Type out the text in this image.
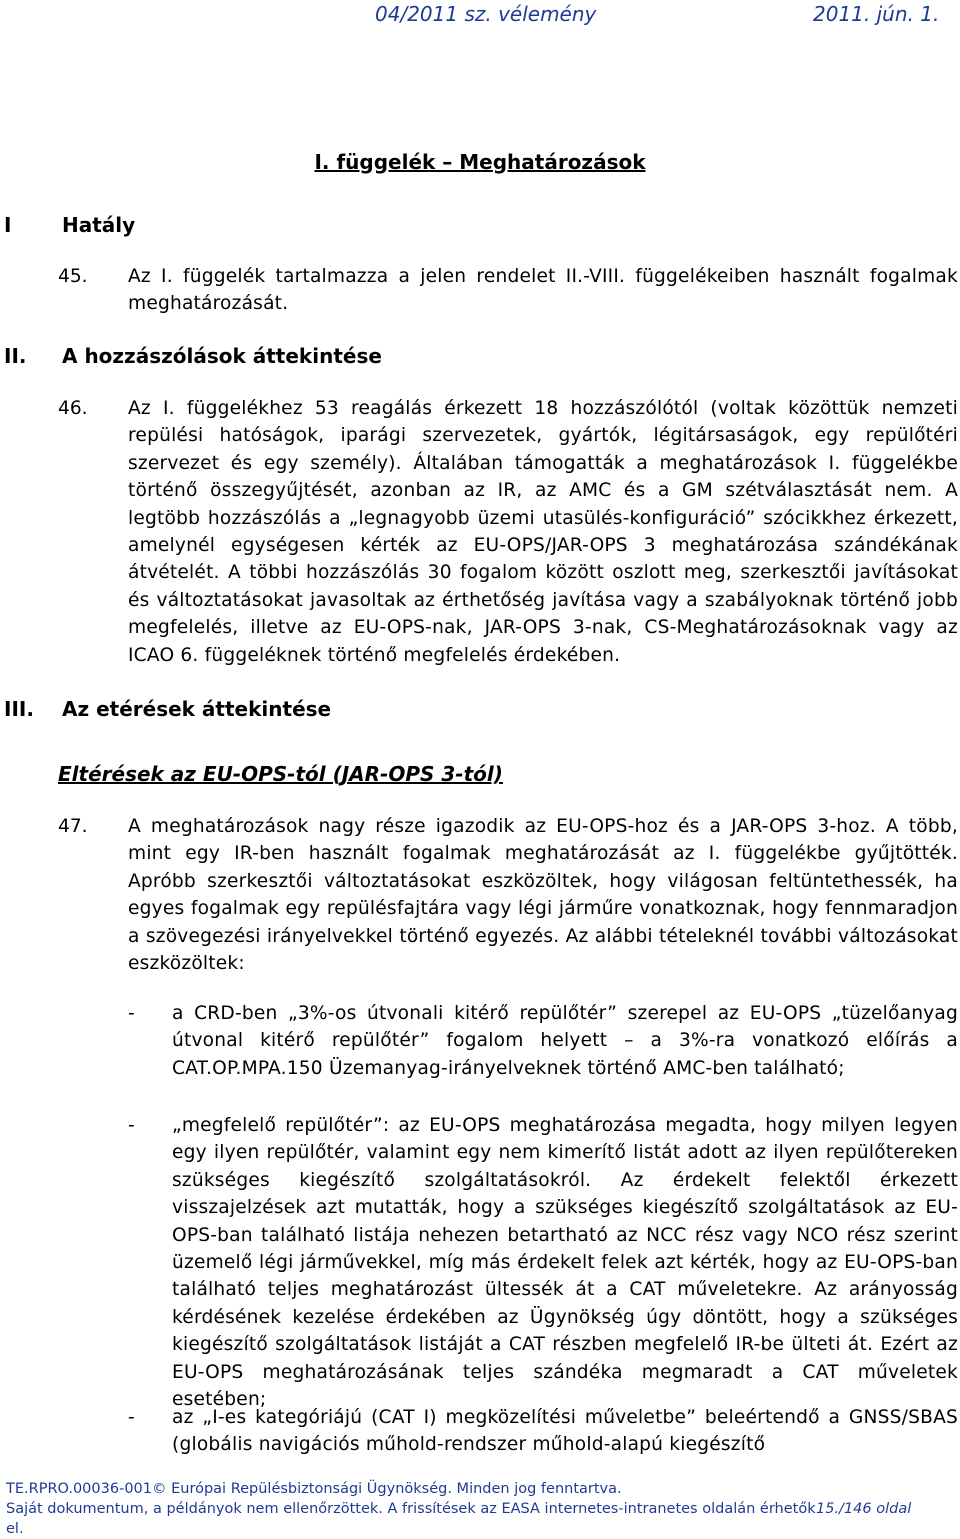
04/2011 sz. vélemény

	2011. jún. 1.

I. függelék – Meghatározások
I	Hatály
45. Az I. függelék tartalmazza a jelen rendelet II.-VIII. függelékeiben használt fogalmak meghatározását.
II. A hozzászólások áttekintése
46. Az I. függelékhez 53 reagálás érkezett 18 hozzászólótól (voltak közöttük nemzeti repülési hatóságok, iparági szervezetek, gyártók, légitársaságok, egy repülőtéri szervezet és egy személy). Általában támogatták a meghatározások I. függelékbe történő összegyűjtését, azonban az IR, az AMC és a GM szétválasztását nem. A legtöbb hozzászólás a „legnagyobb üzemi utasülés-konfiguráció” szócikkhez érkezett, amelynél egységesen kérték az EU-OPS/JAR-OPS 3 meghatározása szándékának átvételét. A többi hozzászólás 30 fogalom között oszlott meg, szerkesztői javításokat és változtatásokat javasoltak az érthetőség javítása vagy a szabályoknak történő jobb megfelelés, illetve az EU-OPS-nak, JAR-OPS 3-nak, CS-Meghatározásoknak vagy az ICAO 6. függeléknek történő megfelelés érdekében.
III. Az etérések áttekintése
Eltérések az EU-OPS-tól (JAR-OPS 3-tól)
47. A meghatározások nagy része igazodik az EU-OPS-hoz és a JAR-OPS 3-hoz. A több, mint egy IR-ben használt fogalmak meghatározását az I. függelékbe gyűjtötték. Apróbb szerkesztői változtatásokat eszközöltek, hogy világosan feltüntethessék, ha egyes fogalmak egy repülésfajtára vagy légi járműre vonatkoznak, hogy fennmaradjon a szövegezési irányelvekkel történő egyezés. Az alábbi tételeknél további változásokat eszközöltek:
- a CRD-ben „3%-os útvonali kitérő repülőtér” szerepel az EU-OPS „tüzelőanyag útvonal kitérő repülőtér” fogalom helyett – a 3%-ra vonatkozó előírás a CAT.OP.MPA.150 Üzemanyag-irányelveknek történő AMC-ben található;
- „megfelelő repülőtér”: az EU-OPS meghatározása megadta, hogy milyen legyen egy ilyen repülőtér, valamint egy nem kimerítő listát adott az ilyen repülőtereken szükséges kiegészítő szolgáltatásokról. Az érdekelt felektől érkezett visszajelzések azt mutatták, hogy a szükséges kiegészítő szolgáltatások az EU-OPS-ban található listája nehezen betartható az NCC rész vagy NCO rész szerint üzemelő légi járművekkel, míg más érdekelt felek azt kérték, hogy az EU-OPS-ban található teljes meghatározást ültessék át a CAT műveletekre. Az arányosság kérdésének kezelése érdekében az Ügynökség úgy döntött, hogy a szükséges kiegészítő szolgáltatások listáját a CAT részben megfelelő IR-be ülteti át. Ezért az EU-OPS meghatározásának teljes szándéka megmaradt a CAT műveletek esetében;
- az „I-es kategóriájú (CAT I) megközelítési műveletbe” beleértendő a GNSS/SBAS (globális navigációs műhold-rendszer műhold-alapú kiegészítő
TE.RPRO.00036-001© Európai Repülésbiztonsági Ügynökség. Minden jog fenntartva.
Saját dokumentum, a példányok nem ellenőrzöttek. A frissítések az EASA internetes-intranetes oldalán érhetők 15./146 oldal
el.
